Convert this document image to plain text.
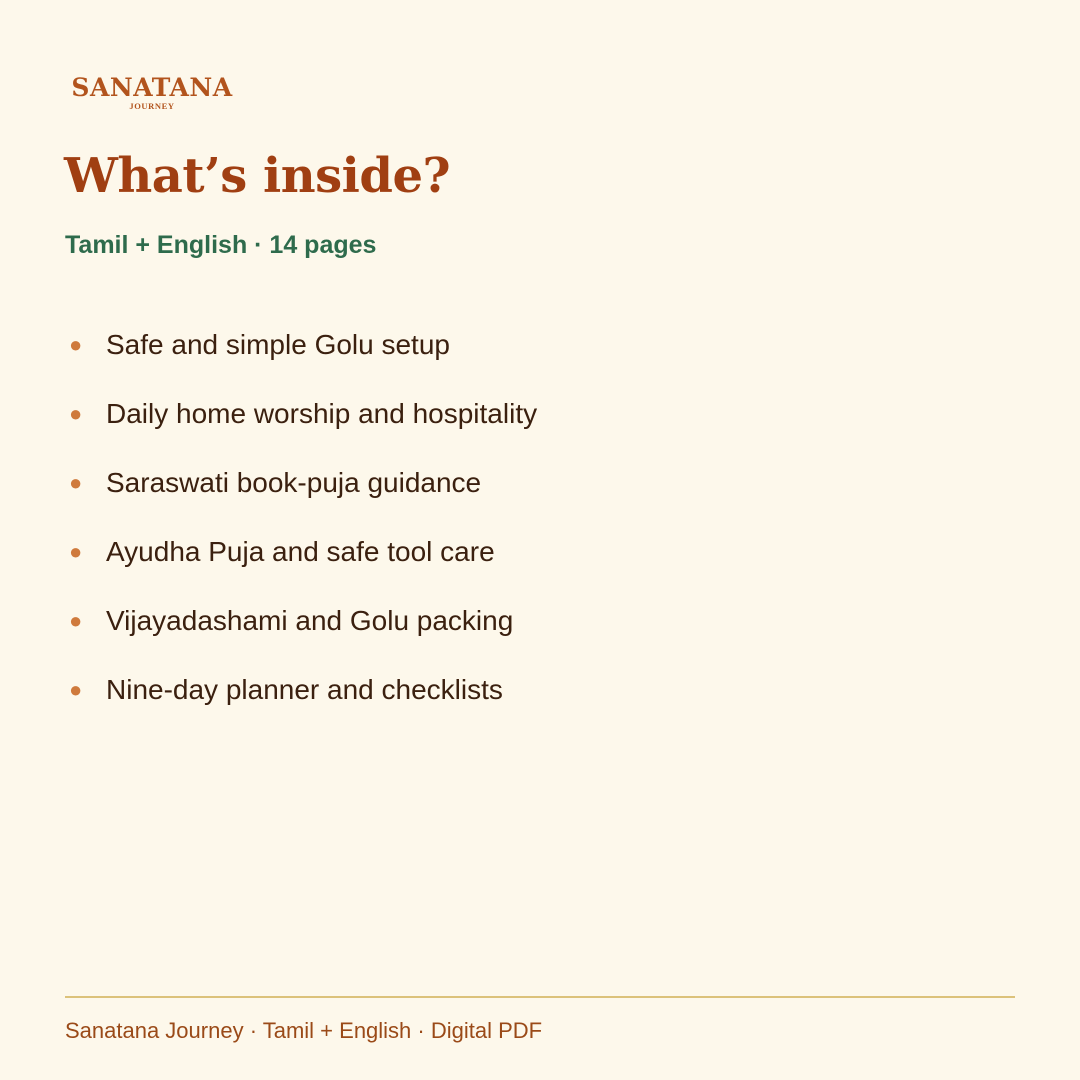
SANATANA
JOURNEY
What’s inside?
Tamil + English · 14 pages
● Safe and simple Golu setup
● Daily home worship and hospitality
● Saraswati book-puja guidance
● Ayudha Puja and safe tool care
● Vijayadashami and Golu packing
● Nine-day planner and checklists
Sanatana Journey · Tamil + English · Digital PDF
